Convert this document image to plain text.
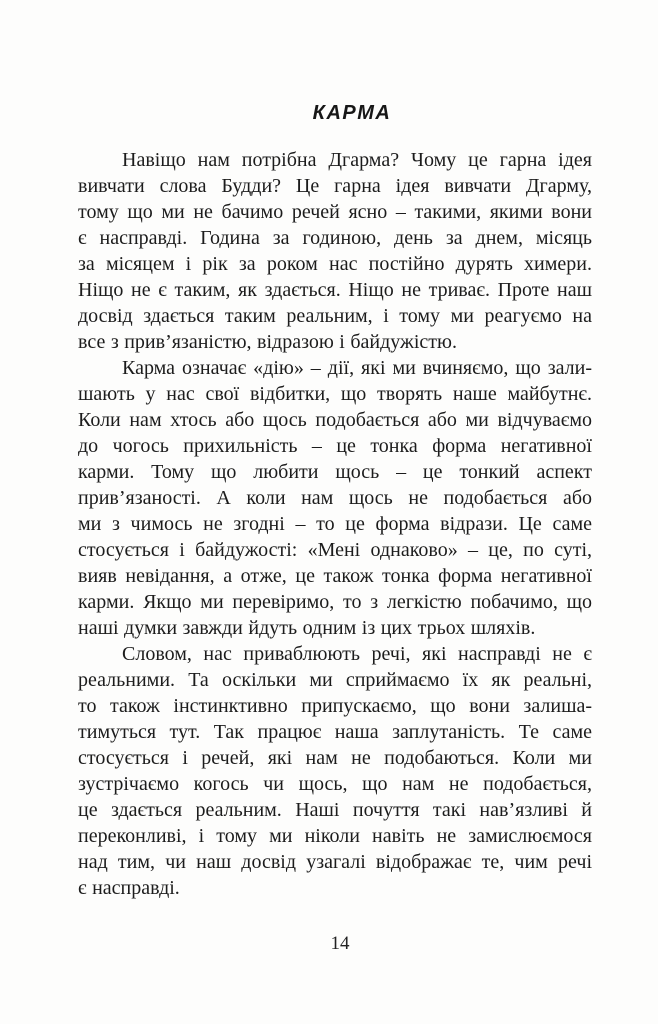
КАРМА
Навіщо нам потрібна Дгарма? Чому це гарна ідея
вивчати слова Будди? Це гарна ідея вивчати Дгарму,
тому що ми не бачимо речей ясно – такими, якими вони
є насправді. Година за годиною, день за днем, місяць
за місяцем і рік за роком нас постійно дурять химери.
Ніщо не є таким, як здається. Ніщо не триває. Проте наш
досвід здається таким реальним, і тому ми реагуємо на
все з прив’язаністю, відразою і байдужістю.
Карма означає «дію» – дії, які ми вчиняємо, що зали-
шають у нас свої відбитки, що творять наше майбутнє.
Коли нам хтось або щось подобається або ми відчуваємо
до чогось прихильність – це тонка форма негативної
карми. Тому що любити щось – це тонкий аспект
прив’язаності. А коли нам щось не подобається або
ми з чимось не згодні – то це форма відрази. Це саме
стосується і байдужості: «Мені однаково» – це, по суті,
вияв невідання, а отже, це також тонка форма негативної
карми. Якщо ми перевіримо, то з легкістю побачимо, що
наші думки завжди йдуть одним із цих трьох шляхів.
Словом, нас приваблюють речі, які насправді не є
реальними. Та оскільки ми сприймаємо їх як реальні,
то також інстинктивно припускаємо, що вони залиша-
тимуться тут. Так працює наша заплутаність. Те саме
стосується і речей, які нам не подобаються. Коли ми
зустрічаємо когось чи щось, що нам не подобається,
це здається реальним. Наші почуття такі нав’язливі й
переконливі, і тому ми ніколи навіть не замислюємося
над тим, чи наш досвід узагалі відображає те, чим речі
є насправді.
14
